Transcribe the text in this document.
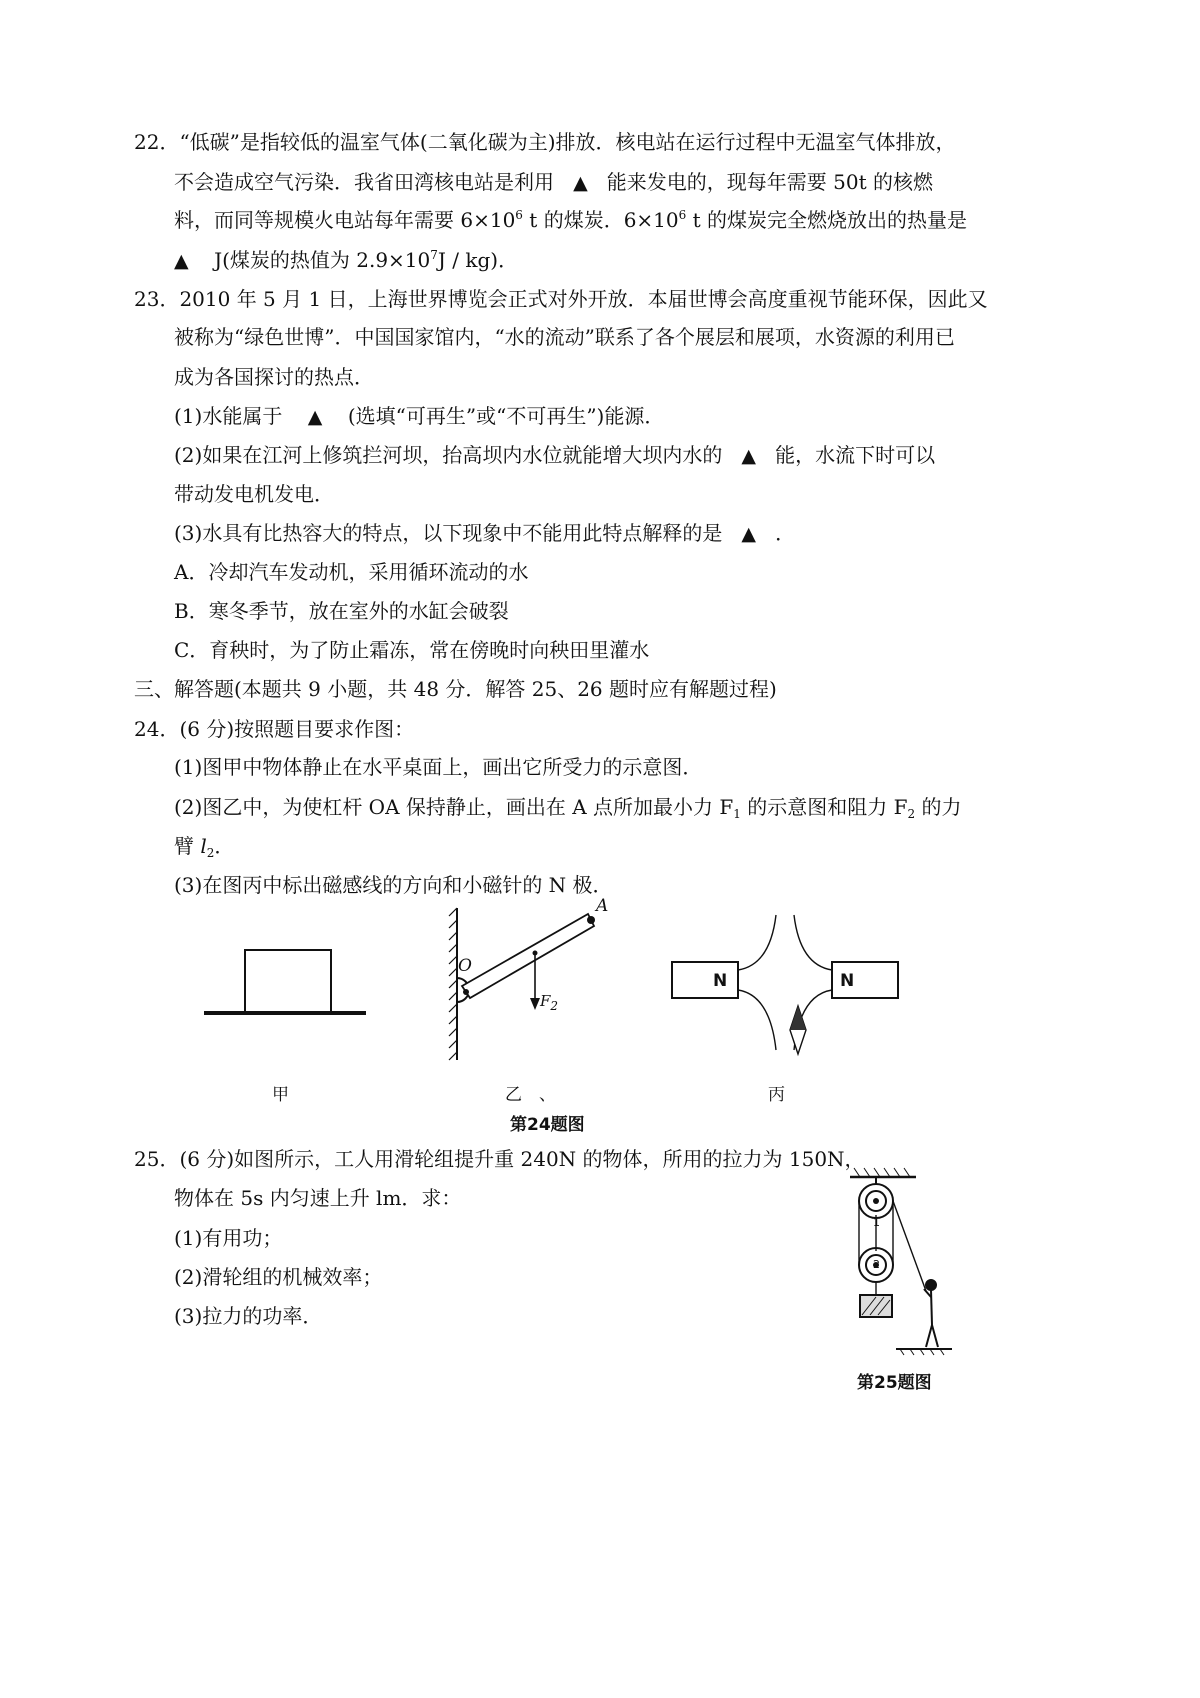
22．“低碳”是指较低的温室气体(二氧化碳为主)排放．核电站在运行过程中无温室气体排放，
不会造成空气污染．我省田湾核电站是利用 ▲ 能来发电的，现每年需要 50t 的核燃
料，而同等规模火电站每年需要 $6\times 10^6$ t 的煤炭．$6\times 10^6$ t 的煤炭完全燃烧放出的热量是
▲ J(煤炭的热值为 $2.9\times 10^7J / kg$)．
23．2010 年 5 月 1 日，上海世界博览会正式对外开放．本届世博会高度重视节能环保，因此又
被称为“绿色世博”．中国国家馆内，“水的流动”联系了各个展层和展项，水资源的利用已
成为各国探讨的热点．
(1)水能属于 ▲ (选填“可再生”或“不可再生”)能源．
(2)如果在江河上修筑拦河坝，抬高坝内水位就能增大坝内水的 ▲ 能，水流下时可以
带动发电机发电．
(3)水具有比热容大的特点，以下现象中不能用此特点解释的是 ▲ ．
A．冷却汽车发动机，采用循环流动的水
B．寒冬季节，放在室外的水缸会破裂
C．育秧时，为了防止霜冻，常在傍晚时向秧田里灌水
三、解答题(本题共 9 小题，共 48 分．解答 25、26 题时应有解题过程)
24．(6 分)按照题目要求作图：
(1)图甲中物体静止在水平桌面上，画出它所受力的示意图．
(2)图乙中，为使杠杆 OA 保持静止，画出在 A 点所加最小力 $F_1$ 的示意图和阻力 $F_2$ 的力
臂 $l_2$．
(3)在图丙中标出磁感线的方向和小磁针的 N 极．
O
A
$F_2$
N	N
甲	乙　、	丙
第24题图
25．(6 分)如图所示，工人用滑轮组提升重 240N 的物体，所用的拉力为 150N，
物体在 5s 内匀速上升 lm．求：
(1)有用功；
(2)滑轮组的机械效率；
(3)拉力的功率．
1
2
第25题图
